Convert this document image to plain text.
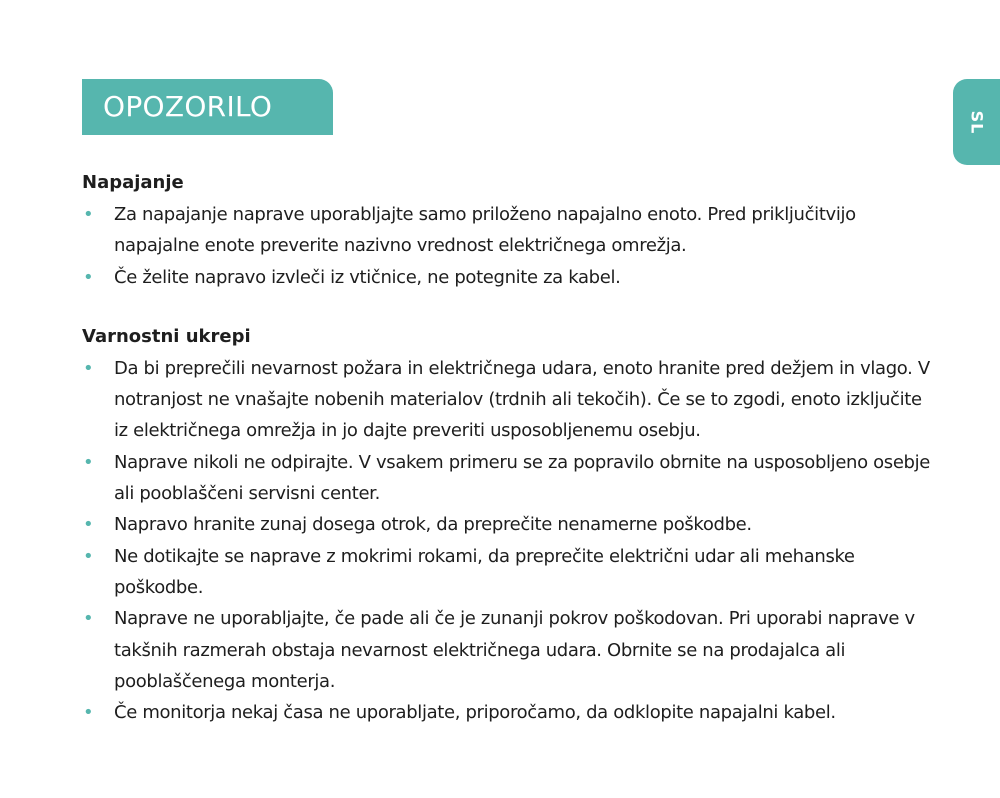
OPOZORILO	SL

Napajanje

• Za napajanje naprave uporabljajte samo priloženo napajalno enoto. Pred priključitvijo napajalne enote preverite nazivno vrednost električnega omrežja.
• Če želite napravo izvleči iz vtičnice, ne potegnite za kabel.

Varnostni ukrepi

• Da bi preprečili nevarnost požara in električnega udara, enoto hranite pred dežjem in vlago. V notranjost ne vnašajte nobenih materialov (trdnih ali tekočih). Če se to zgodi, enoto izključite iz električnega omrežja in jo dajte preveriti usposobljenemu osebju.
• Naprave nikoli ne odpirajte. V vsakem primeru se za popravilo obrnite na usposobljeno osebje ali pooblaščeni servisni center.
• Napravo hranite zunaj dosega otrok, da preprečite nenamerne poškodbe.
• Ne dotikajte se naprave z mokrimi rokami, da preprečite električni udar ali mehanske poškodbe.
• Naprave ne uporabljajte, če pade ali če je zunanji pokrov poškodovan. Pri uporabi naprave v takšnih razmerah obstaja nevarnost električnega udara. Obrnite se na prodajalca ali pooblaščenega monterja.
• Če monitorja nekaj časa ne uporabljate, priporočamo, da odklopite napajalni kabel.
